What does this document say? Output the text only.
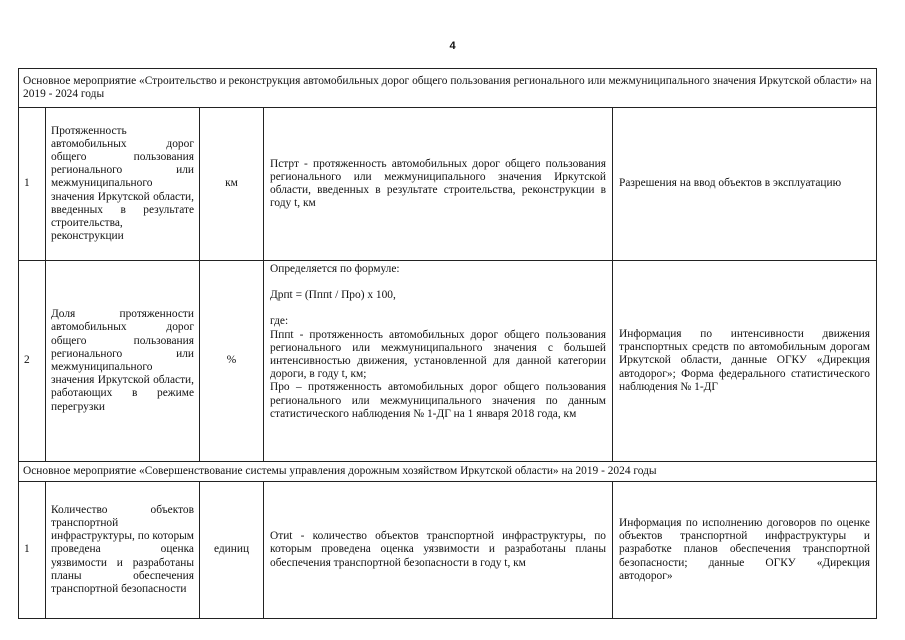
4
Основное мероприятие «Строительство и реконструкция автомобильных дорог общего пользования регионального или межмуниципального значения Иркутской области» на 2019 - 2024 годы				
1	Протяженность автомобильных дорог общего пользования регионального или межмуниципального значения Иркутской области, введенных в результате строительства, реконструкции	км	Пстрт - протяженность автомобильных дорог общего пользования регионального или межмуниципального значения Иркутской области, введенных в результате строительства, реконструкции в году t, км	Разрешения на ввод объектов в эксплуатацию
2	Доля протяженности автомобильных дорог общего пользования регионального или межмуниципального значения Иркутской области, работающих в режиме перегрузки	%	Определяется по формуле:
Дрпt = (Пппt / Про) х 100,
где:
Пппt - протяженность автомобильных дорог общего пользования регионального или межмуниципального значения с большей интенсивностью движения, установленной для данной категории дороги, в году t, км;
Про – протяженность автомобильных дорог общего пользования регионального или межмуниципального значения по данным статистического наблюдения № 1-ДГ на 1 января 2018 года, км	Информация по интенсивности движения транспортных средств по автомобильным дорогам Иркутской области, данные ОГКУ «Дирекция автодорог»; Форма федерального статистического наблюдения № 1-ДГ
Основное мероприятие «Совершенствование системы управления дорожным хозяйством Иркутской области» на 2019 - 2024 годы				
1	Количество объектов транспортной инфраструктуры, по которым проведена оценка уязвимости и разработаны планы обеспечения транспортной безопасности	единиц	Отиt - количество объектов транспортной инфраструктуры, по которым проведена оценка уязвимости и разработаны планы обеспечения транспортной безопасности в году t, км	Информация по исполнению договоров по оценке объектов транспортной инфраструктуры и разработке планов обеспечения транспортной безопасности; данные ОГКУ «Дирекция автодорог»
